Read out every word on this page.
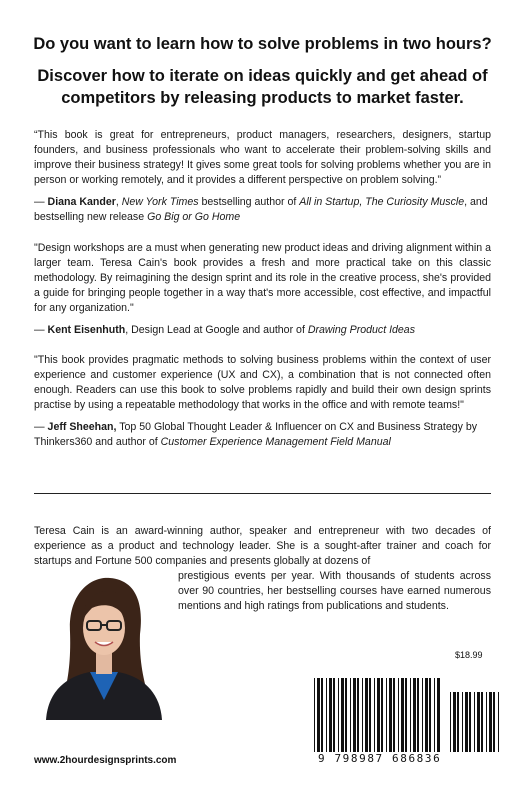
Do you want to learn how to solve problems in two hours?
Discover how to iterate on ideas quickly and get ahead of competitors by releasing products to market faster.

“This book is great for entrepreneurs, product managers, researchers, designers, startup founders, and business professionals who want to accelerate their problem-solving skills and improve their business strategy! It gives some great tools for solving problems whether you are in person or working remotely, and it provides a different perspective on problem solving.”

— Diana Kander, New York Times bestselling author of All in Startup, The Curiosity Muscle, and bestselling new release Go Big or Go Home

"Design workshops are a must when generating new product ideas and driving alignment within a larger team. Teresa Cain's book provides a fresh and more practical take on this classic methodology. By reimagining the design sprint and its role in the creative process, she's provided a guide for bringing people together in a way that's more accessible, cost effective, and impactful for any organization."

— Kent Eisenhuth, Design Lead at Google and author of Drawing Product Ideas

"This book provides pragmatic methods to solving business problems within the context of user experience and customer experience (UX and CX), a combination that is not connected often enough. Readers can use this book to solve problems rapidly and build their own design sprints practise by using a repeatable methodology that works in the office and with remote teams!"

— Jeff Sheehan, Top 50 Global Thought Leader & Influencer on CX and Business Strategy by Thinkers360 and author of Customer Experience Management Field Manual

Teresa Cain is an award-winning author, speaker and entrepreneur with two decades of experience as a product and technology leader. She is a sought-after trainer and coach for startups and Fortune 500 companies and presents globally at dozens of
prestigious events per year. With thousands of students across over 90 countries, her bestselling courses have earned numerous mentions and high ratings from publications and students.
www.2hourdesignsprints.com
$18.99
9 798987 686836
